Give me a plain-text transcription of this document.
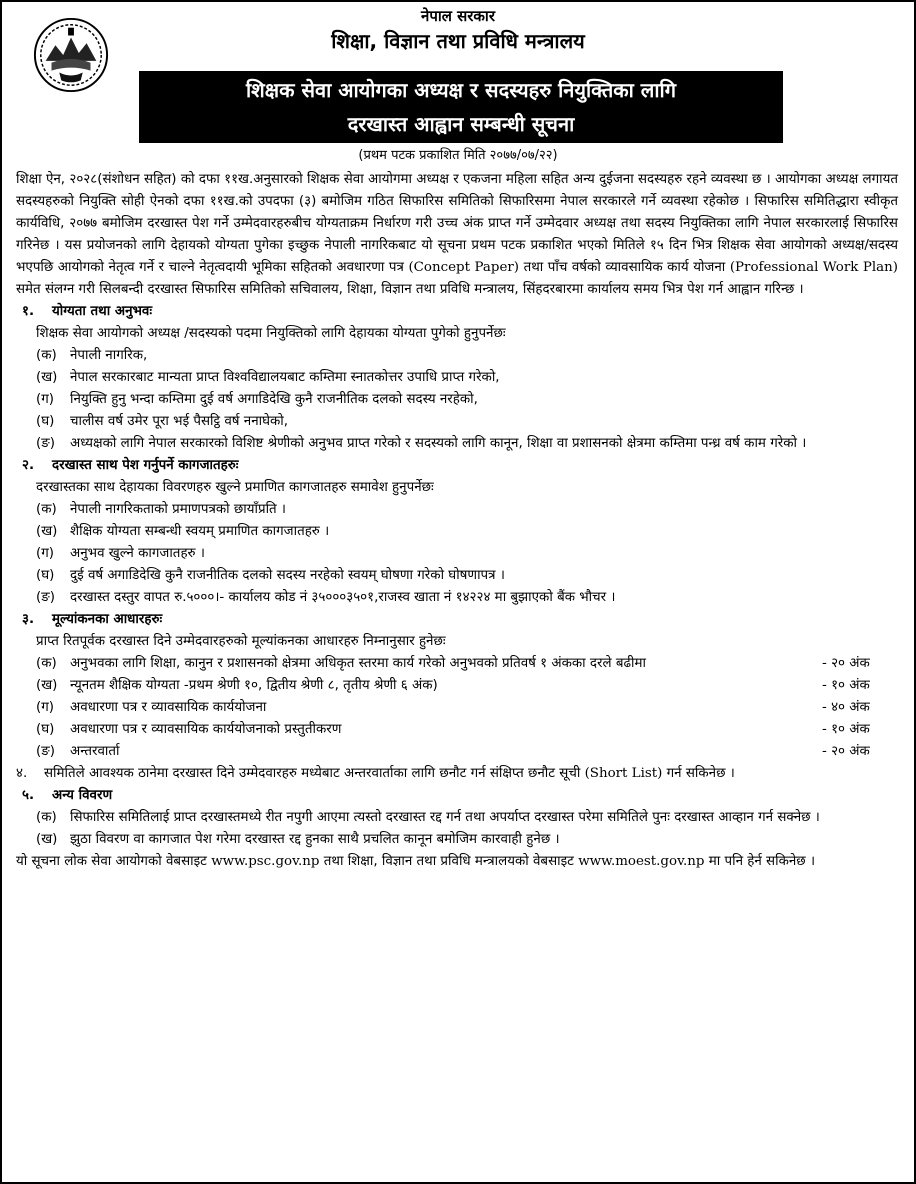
नेपाल सरकार
शिक्षा, विज्ञान तथा प्रविधि मन्त्रालय
शिक्षक सेवा आयोगका अध्यक्ष र सदस्यहरु नियुक्तिका लागि
दरखास्त आह्वान सम्बन्धी सूचना
(प्रथम पटक प्रकाशित मिति २०७७/०७/२२)

शिक्षा ऐन, २०२८(संशोधन सहित) को दफा ११ख.अनुसारको शिक्षक सेवा आयोगमा अध्यक्ष र एकजना महिला सहित अन्य दुईजना सदस्यहरु रहने व्यवस्था छ । आयोगका अध्यक्ष लगायत सदस्यहरुको नियुक्ति सोही ऐनको दफा ११ख.को उपदफा (३) बमोजिम गठित सिफारिस समितिको सिफारिसमा नेपाल सरकारले गर्ने व्यवस्था रहेकोछ । सिफारिस समितिद्धारा स्वीकृत कार्यविधि, २०७७ बमोजिम दरखास्त पेश गर्ने उम्मेदवारहरुबीच योग्यताक्रम निर्धारण गरी उच्च अंक प्राप्त गर्ने उम्मेदवार अध्यक्ष तथा सदस्य नियुक्तिका लागि नेपाल सरकारलाई सिफारिस गरिनेछ । यस प्रयोजनको लागि देहायको योग्यता पुगेका इच्छुक नेपाली नागरिकबाट यो सूचना प्रथम पटक प्रकाशित भएको मितिले १५ दिन भित्र शिक्षक सेवा आयोगको अध्यक्ष/सदस्य भएपछि आयोगको नेतृत्व गर्ने र चाल्ने नेतृत्वदायी भूमिका सहितको अवधारणा पत्र (Concept Paper) तथा पाँच वर्षको व्यावसायिक कार्य योजना (Professional Work Plan) समेत संलग्न गरी सिलबन्दी दरखास्त सिफारिस समितिको सचिवालय, शिक्षा, विज्ञान तथा प्रविधि मन्त्रालय, सिंहदरबारमा कार्यालय समय भित्र पेश गर्न आह्वान गरिन्छ ।

१. योग्यता तथा अनुभवः

शिक्षक सेवा आयोगको अध्यक्ष /सदस्यको पदमा नियुक्तिको लागि देहायका योग्यता पुगेको हुनुपर्नेछः

(क) नेपाली नागरिक,
(ख) नेपाल सरकारबाट मान्यता प्राप्त विश्वविद्यालयबाट कम्तिमा स्नातकोत्तर उपाधि प्राप्त गरेको,
(ग)	नियुक्ति हुनु भन्दा कम्तिमा दुई वर्ष अगाडिदेखि कुनै राजनीतिक दलको सदस्य नरहेको,
(घ)	चालीस वर्ष उमेर पूरा भई पैसट्ठि वर्ष ननाघेको,
(ङ)	अध्यक्षको लागि नेपाल सरकारको विशिष्ट श्रेणीको अनुभव प्राप्त गरेको र सदस्यको लागि कानून, शिक्षा वा प्रशासनको क्षेत्रमा कम्तिमा पन्ध्र वर्ष काम गरेको ।

२. दरखास्त साथ पेश गर्नुपर्ने कागजातहरुः

दरखास्तका साथ देहायका विवरणहरु खुल्ने प्रमाणित कागजातहरु समावेश हुनुपर्नेछः

(क) नेपाली नागरिकताको प्रमाणपत्रको छायाँप्रति ।
(ख) शैक्षिक योग्यता सम्बन्धी स्वयम् प्रमाणित कागजातहरु ।
(ग)	अनुभव खुल्ने कागजातहरु ।
(घ)	दुई वर्ष अगाडिदेखि कुनै राजनीतिक दलको सदस्य नरहेको स्वयम् घोषणा गरेको घोषणापत्र ।
(ङ)	दरखास्त दस्तुर वापत रु.५०००।- कार्यालय कोड नं ३५०००३५०१,राजस्व खाता नं १४२२४ मा बुझाएको बैंक भौचर ।

३. मूल्यांकनका आधारहरुः

प्राप्त रितपूर्वक दरखास्त दिने उम्मेदवारहरुको मूल्यांकनका आधारहरु निम्नानुसार हुनेछः

(क) अनुभवका लागि शिक्षा, कानुन र प्रशासनको क्षेत्रमा अधिकृत स्तरमा कार्य गरेको अनुभवको प्रतिवर्ष १ अंकका दरले बढीमा	- २० अंक
(ख) न्यूनतम शैक्षिक योग्यता -प्रथम श्रेणी १०, द्वितीय श्रेणी ८, तृतीय श्रेणी ६ अंक)	- १० अंक
(ग)	अवधारणा पत्र र व्यावसायिक कार्ययोजना	- ४० अंक
(घ)	अवधारणा पत्र र व्यावसायिक कार्ययोजनाको प्रस्तुतीकरण	- १० अंक
(ङ)	अन्तरवार्ता	- २० अंक
४.	समितिले आवश्यक ठानेमा दरखास्त दिने उम्मेदवारहरु मध्येबाट अन्तरवार्ताका लागि छनौट गर्न संक्षिप्त छनौट सूची (Short List) गर्न सकिनेछ ।

५. अन्य विवरण

(क) सिफारिस समितिलाई प्राप्त दरखास्तमध्ये रीत नपुगी आएमा त्यस्तो दरखास्त रद्द गर्न तथा अपर्याप्त दरखास्त परेमा समितिले पुनः दरखास्त आव्हान गर्न सक्नेछ ।
(ख) झुठा विवरण वा कागजात पेश गरेमा दरखास्त रद्द हुनका साथै प्रचलित कानून बमोजिम कारवाही हुनेछ ।

यो सूचना लोक सेवा आयोगको वेबसाइट www.psc.gov.np तथा शिक्षा, विज्ञान तथा प्रविधि मन्त्रालयको वेबसाइट www.moest.gov.np मा पनि हेर्न सकिनेछ ।
